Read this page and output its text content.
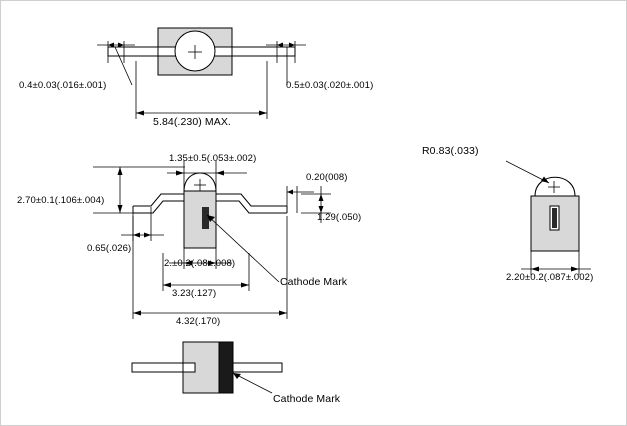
0.4±0.03(.016±.001)	0.5±0.03(.020±.001)
5.84(.230) MAX.
1.35±0.5(.053±.002)
0.20(008)
2.70±0.1(.106±.004)
1.29(.050)
0.65(.026)
2.±0.2(.08±.008)
3.23(.127)
4.32(.170)
Cathode Mark
R0.83(.033)
2.20±0.2(.087±.002)
Cathode Mark
